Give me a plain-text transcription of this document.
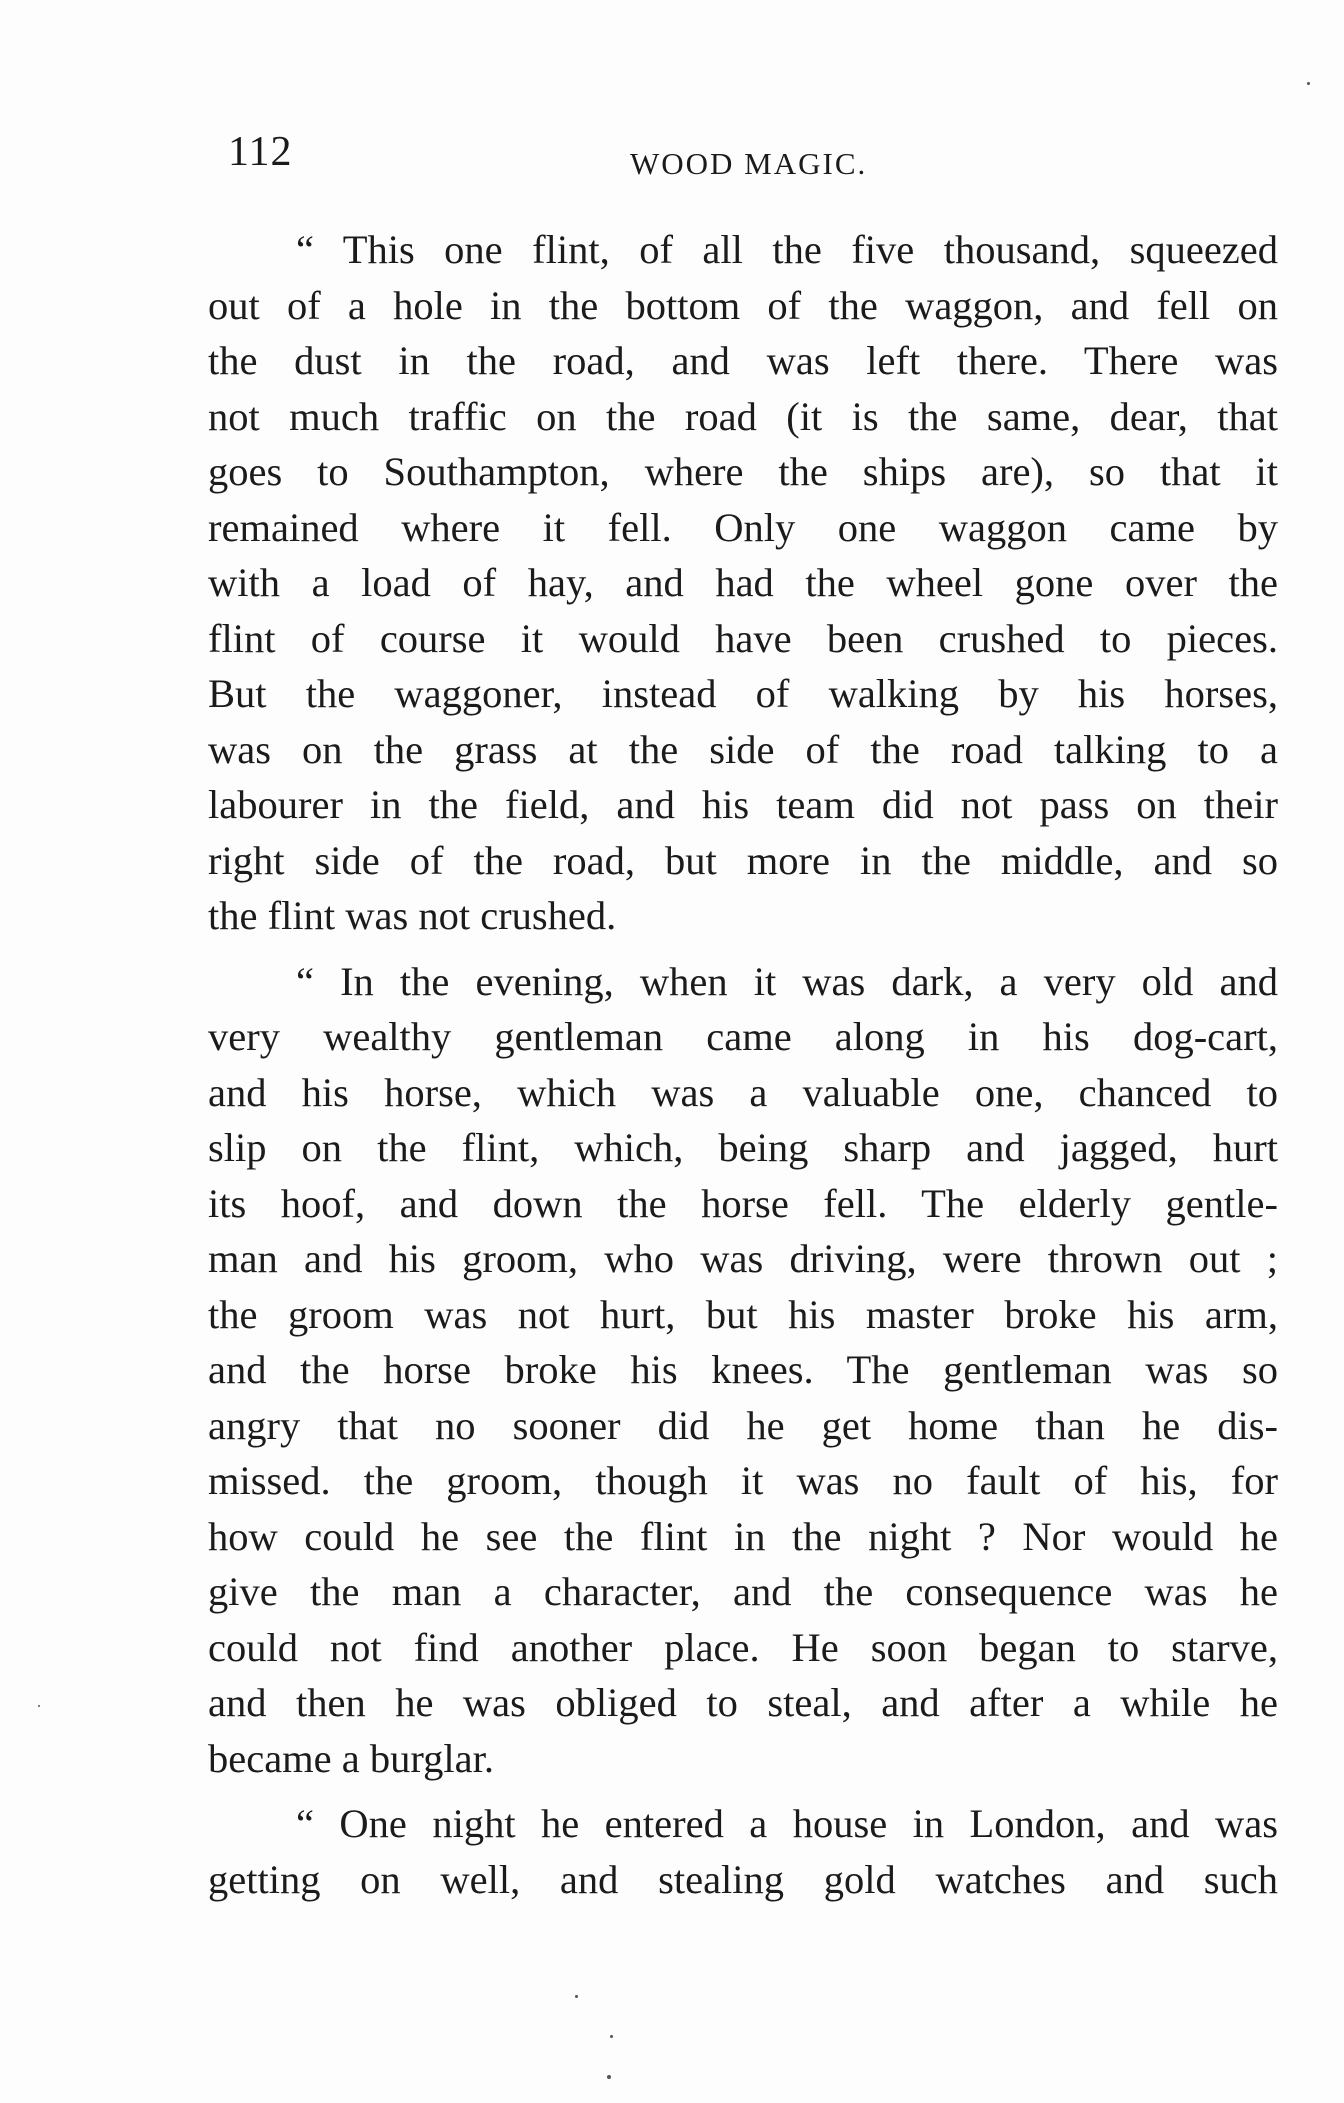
112	WOOD MAGIC.
“ This one flint, of all the five thousand, squeezed
out of a hole in the bottom of the waggon, and fell on
the dust in the road, and was left there. There was
not much traffic on the road (it is the same, dear, that
goes to Southampton, where the ships are), so that it
remained where it fell. Only one waggon came by
with a load of hay, and had the wheel gone over the
flint of course it would have been crushed to pieces.
But the waggoner, instead of walking by his horses,
was on the grass at the side of the road talking to a
labourer in the field, and his team did not pass on their
right side of the road, but more in the middle, and so
the flint was not crushed.
“ In the evening, when it was dark, a very old and
very wealthy gentleman came along in his dog-cart,
and his horse, which was a valuable one, chanced to
slip on the flint, which, being sharp and jagged, hurt
its hoof, and down the horse fell. The elderly gentle-
man and his groom, who was driving, were thrown out ;
the groom was not hurt, but his master broke his arm,
and the horse broke his knees. The gentleman was so
angry that no sooner did he get home than he dis-
missed. the groom, though it was no fault of his, for
how could he see the flint in the night ? Nor would he
give the man a character, and the consequence was he
could not find another place. He soon began to starve,
and then he was obliged to steal, and after a while he
became a burglar.
“ One night he entered a house in London, and was
getting on well, and stealing gold watches and such
